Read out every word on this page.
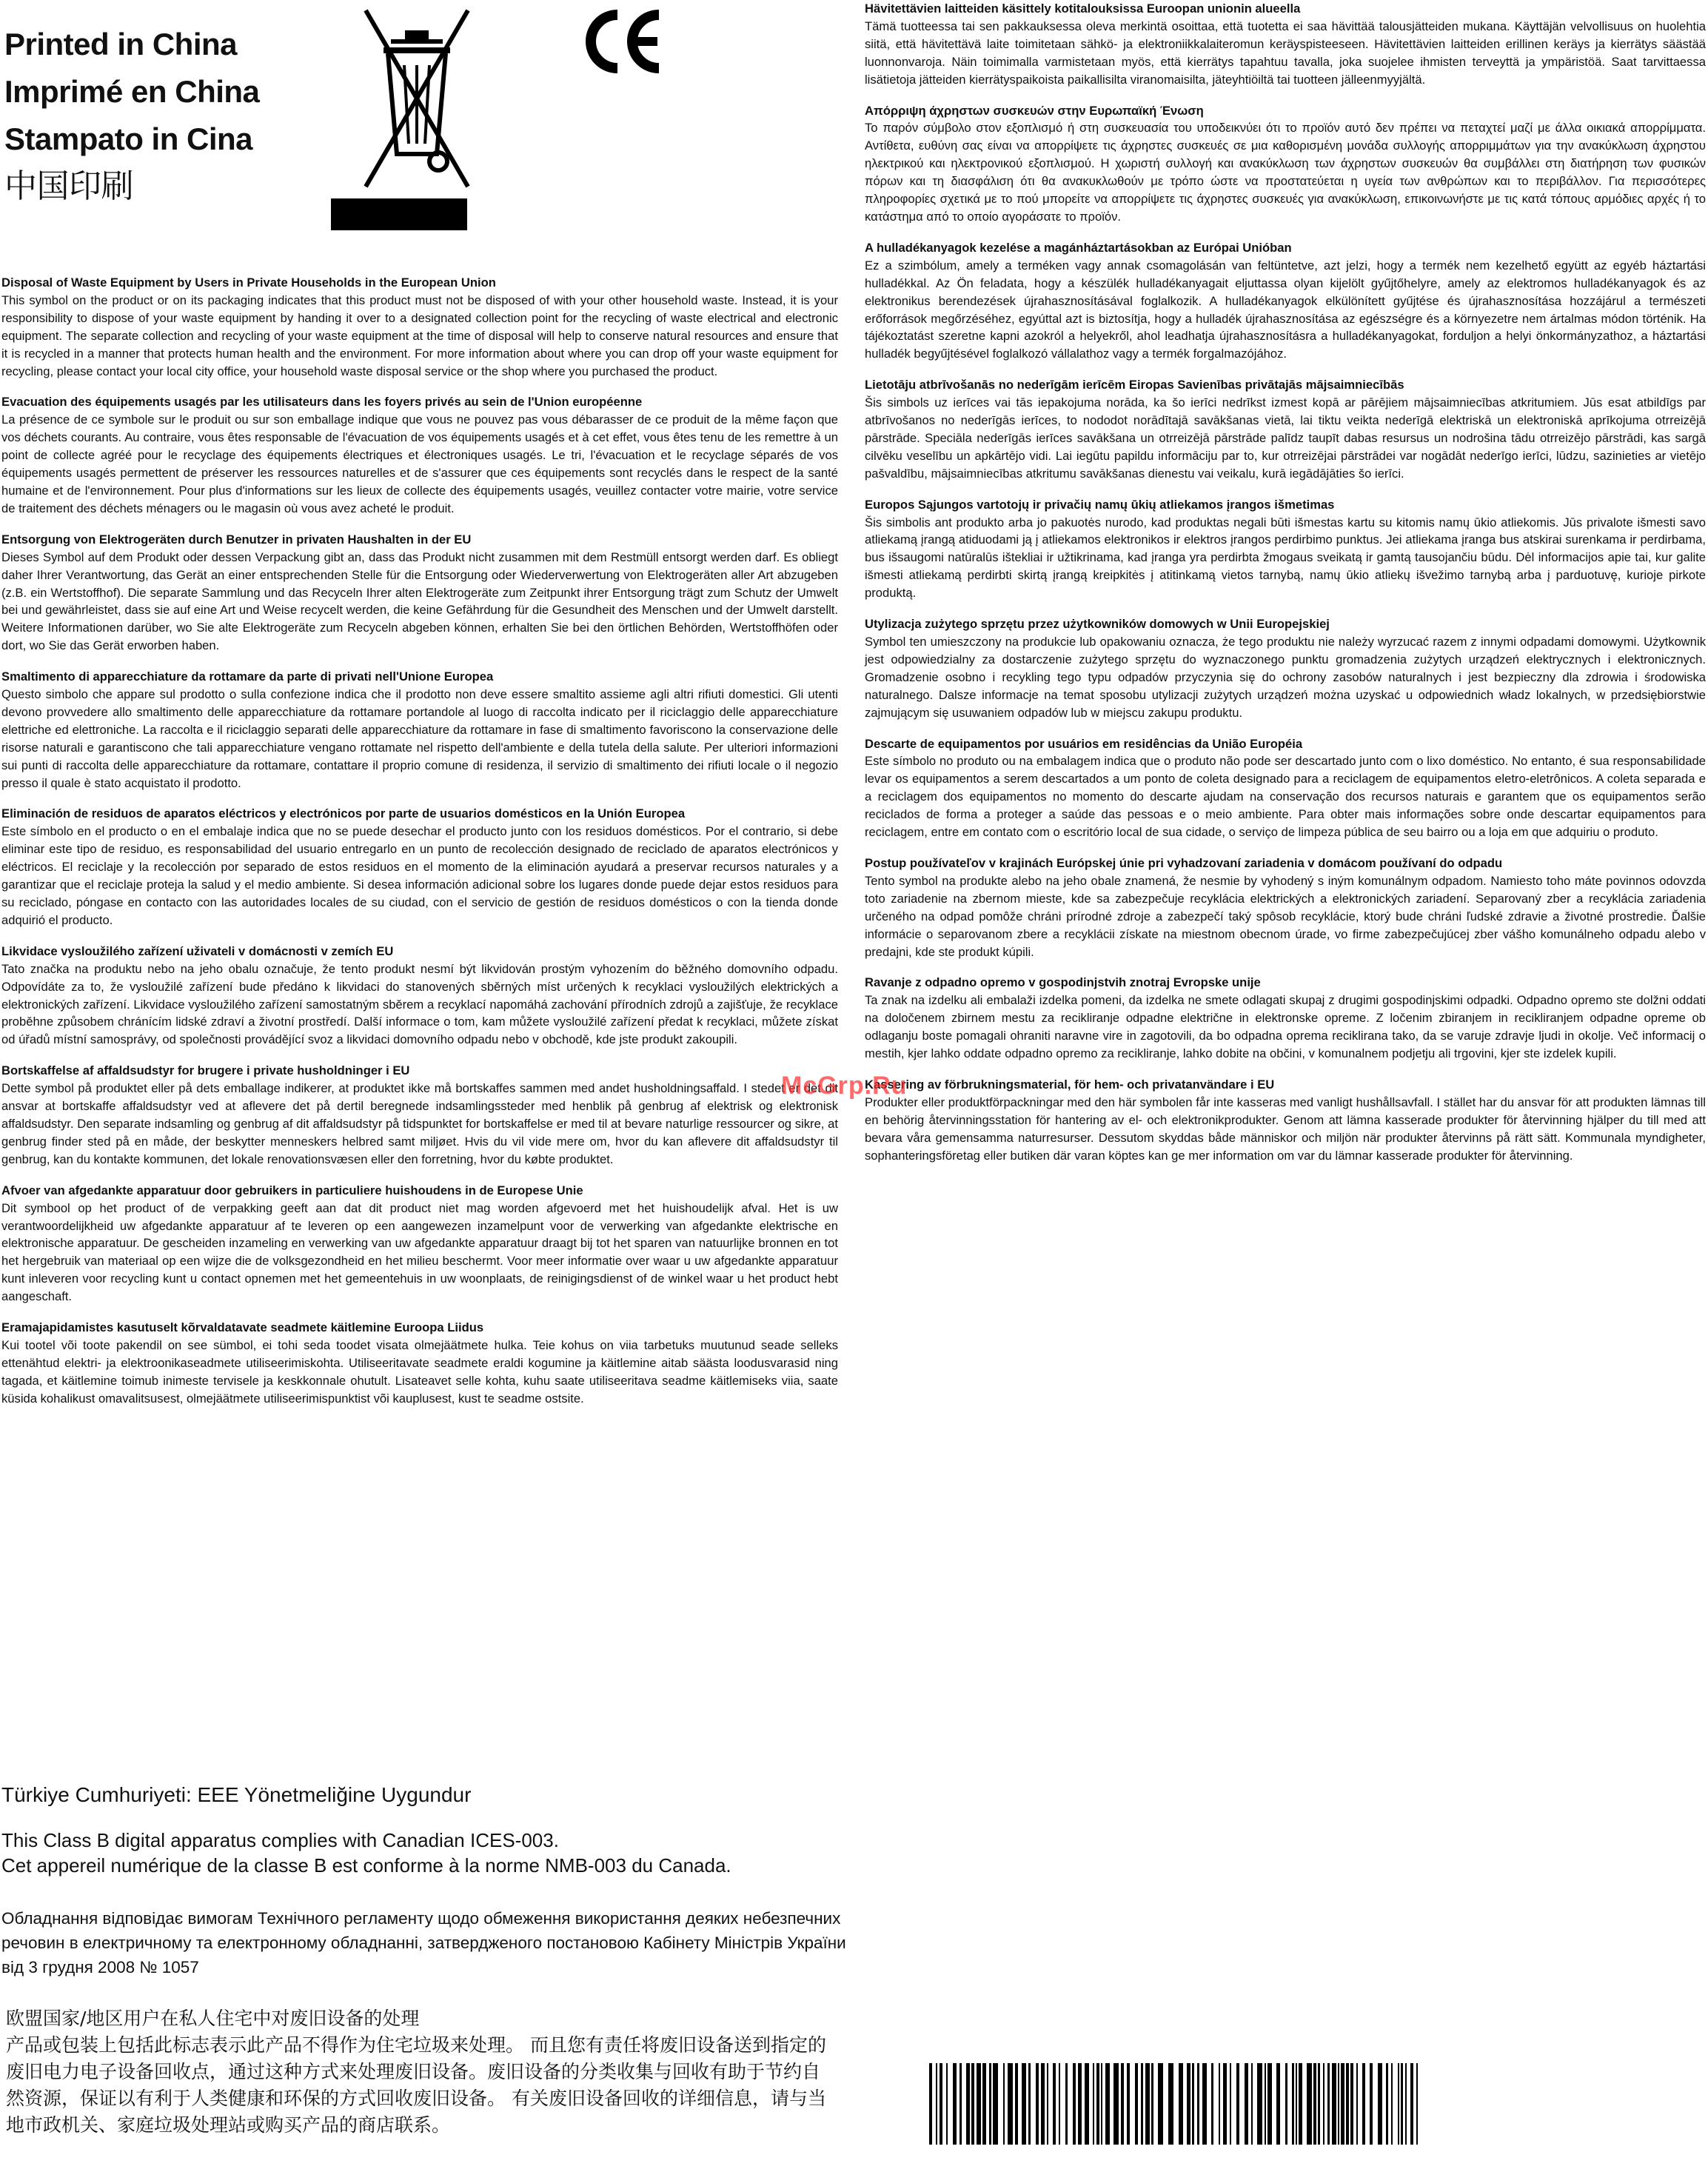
Printed in China
Imprimé en China
Stampato in Cina
中国印刷
Disposal of Waste Equipment by Users in Private Households in the European Union

This symbol on the product or on its packaging indicates that this product must not be disposed of with your other household waste. Instead, it is your responsibility to dispose of your waste equipment by handing it over to a designated collection point for the recycling of waste electrical and electronic equipment. The separate collection and recycling of your waste equipment at the time of disposal will help to conserve natural resources and ensure that it is recycled in a manner that protects human health and the environment. For more information about where you can drop off your waste equipment for recycling, please contact your local city office, your household waste disposal service or the shop where you purchased the product.

Evacuation des équipements usagés par les utilisateurs dans les foyers privés au sein de l'Union européenne

La présence de ce symbole sur le produit ou sur son emballage indique que vous ne pouvez pas vous débarasser de ce produit de la même façon que vos déchets courants. Au contraire, vous êtes responsable de l'évacuation de vos équipements usagés et à cet effet, vous êtes tenu de les remettre à un point de collecte agréé pour le recyclage des équipements électriques et électroniques usagés. Le tri, l'évacuation et le recyclage séparés de vos équipements usagés permettent de préserver les ressources naturelles et de s'assurer que ces équipements sont recyclés dans le respect de la santé humaine et de l'environnement. Pour plus d'informations sur les lieux de collecte des équipements usagés, veuillez contacter votre mairie, votre service de traitement des déchets ménagers ou le magasin où vous avez acheté le produit.

Entsorgung von Elektrogeräten durch Benutzer in privaten Haushalten in der EU

Dieses Symbol auf dem Produkt oder dessen Verpackung gibt an, dass das Produkt nicht zusammen mit dem Restmüll entsorgt werden darf. Es obliegt daher Ihrer Verantwortung, das Gerät an einer entsprechenden Stelle für die Entsorgung oder Wiederverwertung von Elektrogeräten aller Art abzugeben (z.B. ein Wertstoffhof). Die separate Sammlung und das Recyceln Ihrer alten Elektrogeräte zum Zeitpunkt ihrer Entsorgung trägt zum Schutz der Umwelt bei und gewährleistet, dass sie auf eine Art und Weise recycelt werden, die keine Gefährdung für die Gesundheit des Menschen und der Umwelt darstellt. Weitere Informationen darüber, wo Sie alte Elektrogeräte zum Recyceln abgeben können, erhalten Sie bei den örtlichen Behörden, Wertstoffhöfen oder dort, wo Sie das Gerät erworben haben.

Smaltimento di apparecchiature da rottamare da parte di privati nell'Unione Europea

Questo simbolo che appare sul prodotto o sulla confezione indica che il prodotto non deve essere smaltito assieme agli altri rifiuti domestici. Gli utenti devono provvedere allo smaltimento delle apparecchiature da rottamare portandole al luogo di raccolta indicato per il riciclaggio delle apparecchiature elettriche ed elettroniche. La raccolta e il riciclaggio separati delle apparecchiature da rottamare in fase di smaltimento favoriscono la conservazione delle risorse naturali e garantiscono che tali apparecchiature vengano rottamate nel rispetto dell'ambiente e della tutela della salute. Per ulteriori informazioni sui punti di raccolta delle apparecchiature da rottamare, contattare il proprio comune di residenza, il servizio di smaltimento dei rifiuti locale o il negozio presso il quale è stato acquistato il prodotto.

Eliminación de residuos de aparatos eléctricos y electrónicos por parte de usuarios domésticos en la Unión Europea

Este símbolo en el producto o en el embalaje indica que no se puede desechar el producto junto con los residuos domésticos. Por el contrario, si debe eliminar este tipo de residuo, es responsabilidad del usuario entregarlo en un punto de recolección designado de reciclado de aparatos electrónicos y eléctricos. El reciclaje y la recolección por separado de estos residuos en el momento de la eliminación ayudará a preservar recursos naturales y a garantizar que el reciclaje proteja la salud y el medio ambiente. Si desea información adicional sobre los lugares donde puede dejar estos residuos para su reciclado, póngase en contacto con las autoridades locales de su ciudad, con el servicio de gestión de residuos domésticos o con la tienda donde adquirió el producto.

Likvidace vysloužilého zařízení uživateli v domácnosti v zemích EU

Tato značka na produktu nebo na jeho obalu označuje, že tento produkt nesmí být likvidován prostým vyhozením do běžného domovního odpadu. Odpovídáte za to, že vysloužilé zařízení bude předáno k likvidaci do stanovených sběrných míst určených k recyklaci vysloužilých elektrických a elektronických zařízení. Likvidace vysloužilého zařízení samostatným sběrem a recyklací napomáhá zachování přírodních zdrojů a zajišťuje, že recyklace proběhne způsobem chránícím lidské zdraví a životní prostředí. Další informace o tom, kam můžete vysloužilé zařízení předat k recyklaci, můžete získat od úřadů místní samosprávy, od společnosti provádějící svoz a likvidaci domovního odpadu nebo v obchodě, kde jste produkt zakoupili.

Bortskaffelse af affaldsudstyr for brugere i private husholdninger i EU

Dette symbol på produktet eller på dets emballage indikerer, at produktet ikke må bortskaffes sammen med andet husholdningsaffald. I stedet er det dit ansvar at bortskaffe affaldsudstyr ved at aflevere det på dertil beregnede indsamlingssteder med henblik på genbrug af elektrisk og elektronisk affaldsudstyr. Den separate indsamling og genbrug af dit affaldsudstyr på tidspunktet for bortskaffelse er med til at bevare naturlige ressourcer og sikre, at genbrug finder sted på en måde, der beskytter menneskers helbred samt miljøet. Hvis du vil vide mere om, hvor du kan aflevere dit affaldsudstyr til genbrug, kan du kontakte kommunen, det lokale renovationsvæsen eller den forretning, hvor du købte produktet.

Afvoer van afgedankte apparatuur door gebruikers in particuliere huishoudens in de Europese Unie

Dit symbool op het product of de verpakking geeft aan dat dit product niet mag worden afgevoerd met het huishoudelijk afval. Het is uw verantwoordelijkheid uw afgedankte apparatuur af te leveren op een aangewezen inzamelpunt voor de verwerking van afgedankte elektrische en elektronische apparatuur. De gescheiden inzameling en verwerking van uw afgedankte apparatuur draagt bij tot het sparen van natuurlijke bronnen en tot het hergebruik van materiaal op een wijze die de volksgezondheid en het milieu beschermt. Voor meer informatie over waar u uw afgedankte apparatuur kunt inleveren voor recycling kunt u contact opnemen met het gemeentehuis in uw woonplaats, de reinigingsdienst of de winkel waar u het product hebt aangeschaft.

Eramajapidamistes kasutuselt kõrvaldatavate seadmete käitlemine Euroopa Liidus

Kui tootel või toote pakendil on see sümbol, ei tohi seda toodet visata olmejäätmete hulka. Teie kohus on viia tarbetuks muutunud seade selleks ettenähtud elektri- ja elektroonikaseadmete utiliseerimiskohta. Utiliseeritavate seadmete eraldi kogumine ja käitlemine aitab säästa loodusvarasid ning tagada, et käitlemine toimub inimeste tervisele ja keskkonnale ohutult. Lisateavet selle kohta, kuhu saate utiliseeritava seadme käitlemiseks viia, saate küsida kohalikust omavalitsusest, olmejäätmete utiliseerimispunktist või kauplusest, kust te seadme ostsite.

Hävitettävien laitteiden käsittely kotitalouksissa Euroopan unionin alueella

Tämä tuotteessa tai sen pakkauksessa oleva merkintä osoittaa, että tuotetta ei saa hävittää talousjätteiden mukana. Käyttäjän velvollisuus on huolehtia siitä, että hävitettävä laite toimitetaan sähkö- ja elektroniikkalaiteromun keräyspisteeseen. Hävitettävien laitteiden erillinen keräys ja kierrätys säästää luonnonvaroja. Näin toimimalla varmistetaan myös, että kierrätys tapahtuu tavalla, joka suojelee ihmisten terveyttä ja ympäristöä. Saat tarvittaessa lisätietoja jätteiden kierrätyspaikoista paikallisilta viranomaisilta, jäteyhtiöiltä tai tuotteen jälleenmyyjältä.

Απόρριψη άχρηστων συσκευών στην Ευρωπαϊκή Ένωση

Το παρόν σύμβολο στον εξοπλισμό ή στη συσκευασία του υποδεικνύει ότι το προϊόν αυτό δεν πρέπει να πεταχτεί μαζί με άλλα οικιακά απορρίμματα. Αντίθετα, ευθύνη σας είναι να απορρίψετε τις άχρηστες συσκευές σε μια καθορισμένη μονάδα συλλογής απορριμμάτων για την ανακύκλωση άχρηστου ηλεκτρικού και ηλεκτρονικού εξοπλισμού. Η χωριστή συλλογή και ανακύκλωση των άχρηστων συσκευών θα συμβάλλει στη διατήρηση των φυσικών πόρων και τη διασφάλιση ότι θα ανακυκλωθούν με τρόπο ώστε να προστατεύεται η υγεία των ανθρώπων και το περιβάλλον. Για περισσότερες πληροφορίες σχετικά με το πού μπορείτε να απορρίψετε τις άχρηστες συσκευές για ανακύκλωση, επικοινωνήστε με τις κατά τόπους αρμόδιες αρχές ή το κατάστημα από το οποίο αγοράσατε το προϊόν.

A hulladékanyagok kezelése a magánháztartásokban az Európai Unióban

Ez a szimbólum, amely a terméken vagy annak csomagolásán van feltüntetve, azt jelzi, hogy a termék nem kezelhető együtt az egyéb háztartási hulladékkal. Az Ön feladata, hogy a készülék hulladékanyagait eljuttassa olyan kijelölt gyűjtőhelyre, amely az elektromos hulladékanyagok és az elektronikus berendezések újrahasznosításával foglalkozik. A hulladékanyagok elkülönített gyűjtése és újrahasznosítása hozzájárul a természeti erőforrások megőrzéséhez, egyúttal azt is biztosítja, hogy a hulladék újrahasznosítása az egészségre és a környezetre nem ártalmas módon történik. Ha tájékoztatást szeretne kapni azokról a helyekről, ahol leadhatja újrahasznosításra a hulladékanyagokat, forduljon a helyi önkormányzathoz, a háztartási hulladék begyűjtésével foglalkozó vállalathoz vagy a termék forgalmazójához.

Lietotāju atbrīvošanās no nederīgām ierīcēm Eiropas Savienības privātajās mājsaimniecībās

Šis simbols uz ierīces vai tās iepakojuma norāda, ka šo ierīci nedrīkst izmest kopā ar pārējiem mājsaimniecības atkritumiem. Jūs esat atbildīgs par atbrīvošanos no nederīgās ierīces, to nododot norādītajā savākšanas vietā, lai tiktu veikta nederīgā elektriskā un elektroniskā aprīkojuma otrreizējā pārstrāde. Speciāla nederīgās ierīces savākšana un otrreizējā pārstrāde palīdz taupīt dabas resursus un nodrošina tādu otrreizējo pārstrādi, kas sargā cilvēku veselību un apkārtējo vidi. Lai iegūtu papildu informāciju par to, kur otrreizējai pārstrādei var nogādāt nederīgo ierīci, lūdzu, sazinieties ar vietējo pašvaldību, mājsaimniecības atkritumu savākšanas dienestu vai veikalu, kurā iegādājāties šo ierīci.

Europos Sąjungos vartotojų ir privačių namų ūkių atliekamos įrangos išmetimas

Šis simbolis ant produkto arba jo pakuotės nurodo, kad produktas negali būti išmestas kartu su kitomis namų ūkio atliekomis. Jūs privalote išmesti savo atliekamą įrangą atiduodami ją į atliekamos elektronikos ir elektros įrangos perdirbimo punktus. Jei atliekama įranga bus atskirai surenkama ir perdirbama, bus išsaugomi natūralūs ištekliai ir užtikrinama, kad įranga yra perdirbta žmogaus sveikatą ir gamtą tausojančiu būdu. Dėl informacijos apie tai, kur galite išmesti atliekamą perdirbti skirtą įrangą kreipkitės į atitinkamą vietos tarnybą, namų ūkio atliekų išvežimo tarnybą arba į parduotuvę, kurioje pirkote produktą.

Utylizacja zużytego sprzętu przez użytkowników domowych w Unii Europejskiej

Symbol ten umieszczony na produkcie lub opakowaniu oznacza, że tego produktu nie należy wyrzucać razem z innymi odpadami domowymi. Użytkownik jest odpowiedzialny za dostarczenie zużytego sprzętu do wyznaczonego punktu gromadzenia zużytych urządzeń elektrycznych i elektronicznych. Gromadzenie osobno i recykling tego typu odpadów przyczynia się do ochrony zasobów naturalnych i jest bezpieczny dla zdrowia i środowiska naturalnego. Dalsze informacje na temat sposobu utylizacji zużytych urządzeń można uzyskać u odpowiednich władz lokalnych, w przedsiębiorstwie zajmującym się usuwaniem odpadów lub w miejscu zakupu produktu.

Descarte de equipamentos por usuários em residências da União Européia

Este símbolo no produto ou na embalagem indica que o produto não pode ser descartado junto com o lixo doméstico. No entanto, é sua responsabilidade levar os equipamentos a serem descartados a um ponto de coleta designado para a reciclagem de equipamentos eletro-eletrônicos. A coleta separada e a reciclagem dos equipamentos no momento do descarte ajudam na conservação dos recursos naturais e garantem que os equipamentos serão reciclados de forma a proteger a saúde das pessoas e o meio ambiente. Para obter mais informações sobre onde descartar equipamentos para reciclagem, entre em contato com o escritório local de sua cidade, o serviço de limpeza pública de seu bairro ou a loja em que adquiriu o produto.

Postup používateľov v krajinách Európskej únie pri vyhadzovaní zariadenia v domácom používaní do odpadu

Tento symbol na produkte alebo na jeho obale znamená, že nesmie by vyhodený s iným komunálnym odpadom. Namiesto toho máte povinnos odovzda toto zariadenie na zbernom mieste, kde sa zabezpečuje recyklácia elektrických a elektronických zariadení. Separovaný zber a recyklácia zariadenia určeného na odpad pomôže chráni prírodné zdroje a zabezpečí taký spôsob recyklácie, ktorý bude chráni ľudské zdravie a životné prostredie. Ďalšie informácie o separovanom zbere a recyklácii získate na miestnom obecnom úrade, vo firme zabezpečujúcej zber vášho komunálneho odpadu alebo v predajni, kde ste produkt kúpili.

Ravanje z odpadno opremo v gospodinjstvih znotraj Evropske unije

Ta znak na izdelku ali embalaži izdelka pomeni, da izdelka ne smete odlagati skupaj z drugimi gospodinjskimi odpadki. Odpadno opremo ste dolžni oddati na določenem zbirnem mestu za recikliranje odpadne električne in elektronske opreme. Z ločenim zbiranjem in recikliranjem odpadne opreme ob odlaganju boste pomagali ohraniti naravne vire in zagotovili, da bo odpadna oprema reciklirana tako, da se varuje zdravje ljudi in okolje. Več informacij o mestih, kjer lahko oddate odpadno opremo za recikliranje, lahko dobite na občini, v komunalnem podjetju ali trgovini, kjer ste izdelek kupili.

Kassering av förbrukningsmaterial, för hem- och privatanvändare i EU

Produkter eller produktförpackningar med den här symbolen får inte kasseras med vanligt hushållsavfall. I stället har du ansvar för att produkten lämnas till en behörig återvinningsstation för hantering av el- och elektronikprodukter. Genom att lämna kasserade produkter för återvinning hjälper du till med att bevara våra gemensamma naturresurser. Dessutom skyddas både människor och miljön när produkter återvinns på rätt sätt. Kommunala myndigheter, sophanteringsföretag eller butiken där varan köptes kan ge mer information om var du lämnar kasserade produkter för återvinning.

McGrp.Ru
Türkiye Cumhuriyeti: EEE Yönetmeliğine Uygundur
This Class B digital apparatus complies with Canadian ICES-003.
Cet appereil numérique de la classe B est conforme à la norme NMB-003 du Canada.
Обладнання відповідає вимогам Технічного регламенту щодо обмеження використання деяких небезпечних речовин в електричному та електронному обладнанні, затвердженого постановою Кабінету Міністрів України від 3 грудня 2008 № 1057
欧盟国家/地区用户在私人住宅中对废旧设备的处理
产品或包装上包括此标志表示此产品不得作为住宅垃圾来处理。 而且您有责任将废旧设备送到指定的废旧电力电子设备回收点，通过这种方式来处理废旧设备。废旧设备的分类收集与回收有助于节约自然资源，保证以有利于人类健康和环保的方式回收废旧设备。 有关废旧设备回收的详细信息，请与当地市政机关、家庭垃圾处理站或购买产品的商店联系。
